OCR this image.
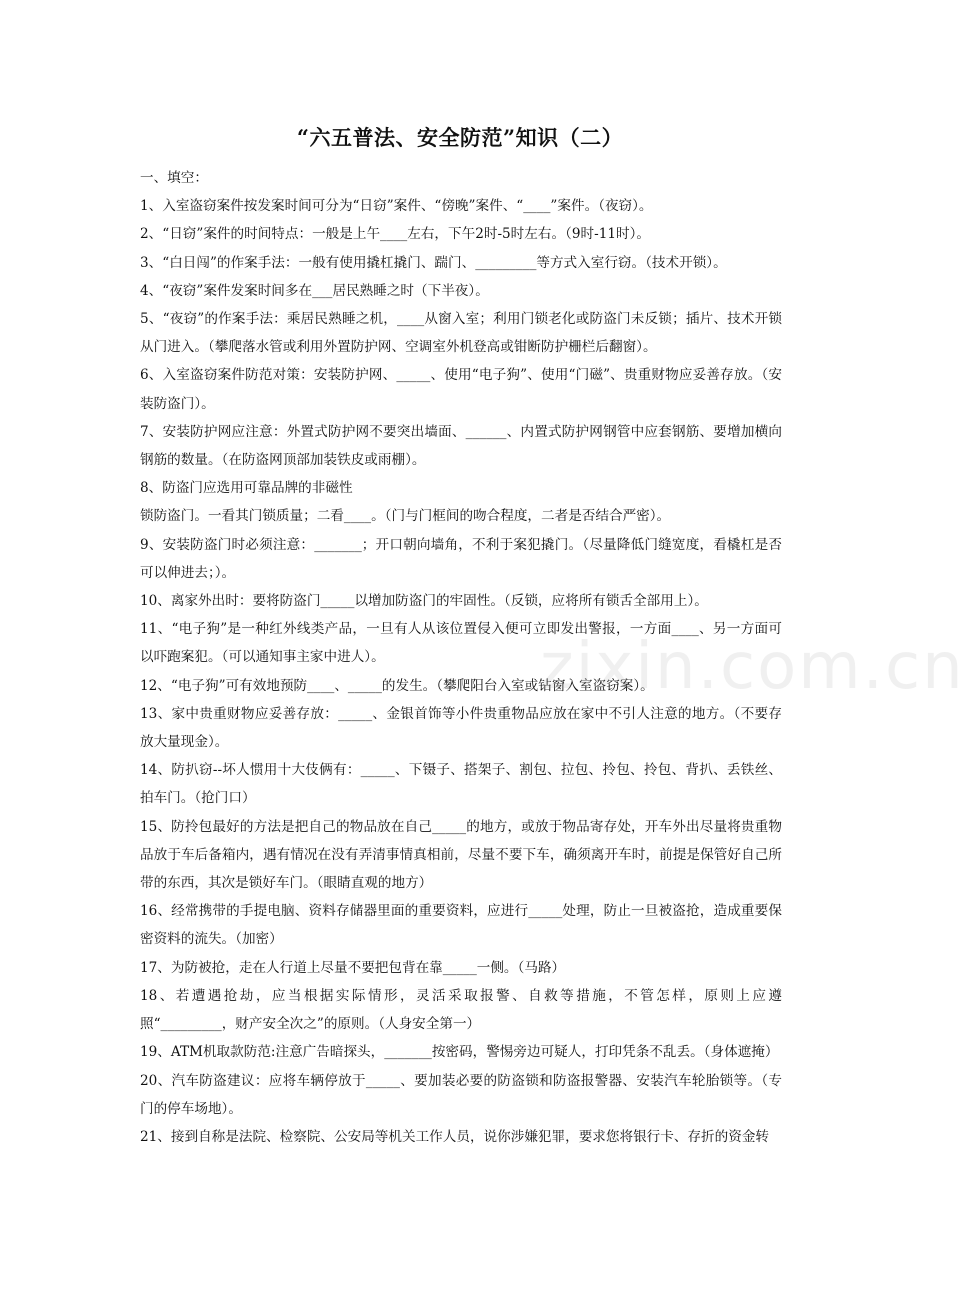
“六五普法、安全防范”知识（二）

一、填空：

1、入室盗窃案件按发案时间可分为“日窃”案件、“傍晚”案件、“____”案件。（夜窃）。

2、“日窃”案件的时间特点：一般是上午____左右，下午2时-5时左右。（9时-11时）。

3、“白日闯”的作案手法：一般有使用撬杠撬门、踹门、_________等方式入室行窃。（技术开锁）。

4、“夜窃”案件发案时间多在___居民熟睡之时（下半夜）。

5、“夜窃”的作案手法：乘居民熟睡之机，____从窗入室；利用门锁老化或防盗门未反锁；插片、技术开锁从门进入。（攀爬落水管或利用外置防护网、空调室外机登高或钳断防护栅栏后翻窗）。

6、入室盗窃案件防范对策：安装防护网、_____、使用“电子狗”、使用“门磁”、贵重财物应妥善存放。（安装防盗门）。

7、安装防护网应注意：外置式防护网不要突出墙面、______、内置式防护网钢管中应套钢筋、要增加横向钢筋的数量。（在防盗网顶部加装铁皮或雨棚）。

8、防盗门应选用可靠品牌的非磁性

锁防盗门。一看其门锁质量；二看____。（门与门框间的吻合程度，二者是否结合严密）。

9、安装防盗门时必须注意：_______；开口朝向墙角，不利于案犯撬门。（尽量降低门缝宽度，看橇杠是否可以伸进去；）。

10、离家外出时：要将防盗门_____以增加防盗门的牢固性。（反锁，应将所有锁舌全部用上）。

11、“电子狗”是一种红外线类产品，一旦有人从该位置侵入便可立即发出警报，一方面____、另一方面可以吓跑案犯。（可以通知事主家中进人）。

12、“电子狗”可有效地预防____、_____的发生。（攀爬阳台入室或钻窗入室盗窃案）。

13、家中贵重财物应妥善存放：_____、金银首饰等小件贵重物品应放在家中不引人注意的地方。（不要存放大量现金）。

14、防扒窃--坏人惯用十大伎俩有：_____、下镊子、搭架子、割包、拉包、拎包、拎包、背扒、丢铁丝、拍车门。（抢门口）

15、防拎包最好的方法是把自己的物品放在自己_____的地方，或放于物品寄存处，开车外出尽量将贵重物品放于车后备箱内，遇有情况在没有弄清事情真相前，尽量不要下车，确须离开车时，前提是保管好自己所带的东西，其次是锁好车门。（眼睛直观的地方）

16、经常携带的手提电脑、资料存储器里面的重要资料，应进行_____处理，防止一旦被盗抢，造成重要保密资料的流失。（加密）

17、为防被抢，走在人行道上尽量不要把包背在靠_____一侧。（马路）

18、若遭遇抢劫，应当根据实际情形，灵活采取报警、自救等措施，不管怎样，原则上应遵照“_________，财产安全次之”的原则。（人身安全第一）

19、ATM机取款防范:注意广告暗探头，_______按密码，警惕旁边可疑人，打印凭条不乱丢。（身体遮掩）

20、汽车防盗建议：应将车辆停放于_____、要加装必要的防盗锁和防盗报警器、安装汽车轮胎锁等。（专门的停车场地）。

21、接到自称是法院、检察院、公安局等机关工作人员，说你涉嫌犯罪，要求您将银行卡、存折的资金转

zixin.com.cn
